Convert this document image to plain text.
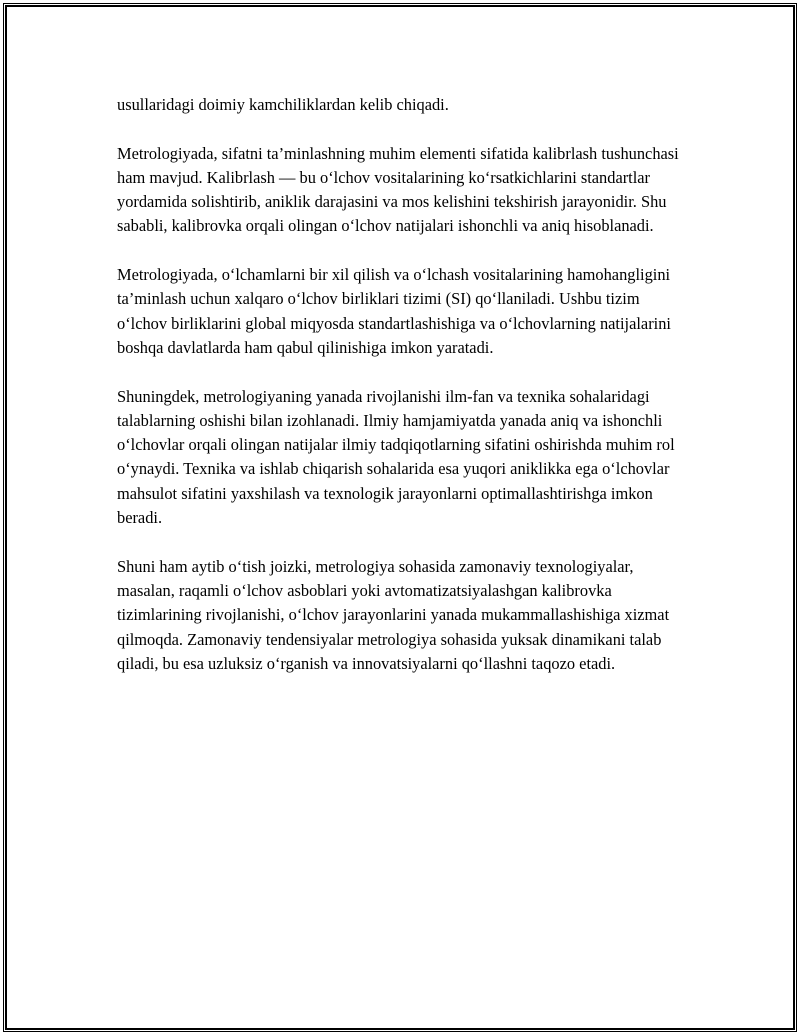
usullaridagi doimiy kamchiliklardan kelib chiqadi.

Metrologiyada, sifatni ta’minlashning muhim elementi sifatida kalibrlash tushunchasi ham mavjud. Kalibrlash — bu o‘lchov vositalarining ko‘rsatkichlarini standartlar yordamida solishtirib, aniklik darajasini va mos kelishini tekshirish jarayonidir. Shu sababli, kalibrovka orqali olingan o‘lchov natijalari ishonchli va aniq hisoblanadi.

Metrologiyada, o‘lchamlarni bir xil qilish va o‘lchash vositalarining hamohangligini ta’minlash uchun xalqaro o‘lchov birliklari tizimi (SI) qo‘llaniladi. Ushbu tizim o‘lchov birliklarini global miqyosda standartlashishiga va o‘lchovlarning natijalarini boshqa davlatlarda ham qabul qilinishiga imkon yaratadi.

Shuningdek, metrologiyaning yanada rivojlanishi ilm-fan va texnika sohalaridagi talablarning oshishi bilan izohlanadi. Ilmiy hamjamiyatda yanada aniq va ishonchli o‘lchovlar orqali olingan natijalar ilmiy tadqiqotlarning sifatini oshirishda muhim rol o‘ynaydi. Texnika va ishlab chiqarish sohalarida esa yuqori aniklikka ega o‘lchovlar mahsulot sifatini yaxshilash va texnologik jarayonlarni optimallashtirishga imkon beradi.

Shuni ham aytib o‘tish joizki, metrologiya sohasida zamonaviy texnologiyalar, masalan, raqamli o‘lchov asboblari yoki avtomatizatsiyalashgan kalibrovka tizimlarining rivojlanishi, o‘lchov jarayonlarini yanada mukammallashishiga xizmat qilmoqda. Zamonaviy tendensiyalar metrologiya sohasida yuksak dinamikani talab qiladi, bu esa uzluksiz o‘rganish va innovatsiyalarni qo‘llashni taqozo etadi.
